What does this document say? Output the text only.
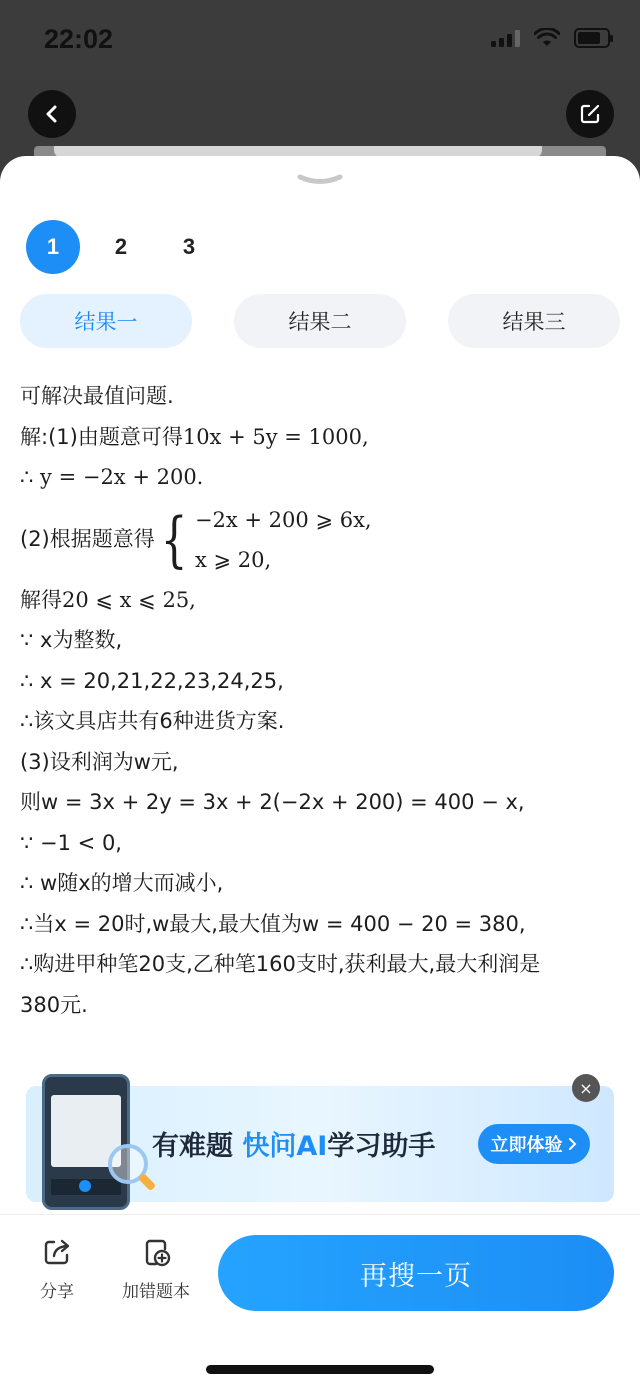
22:02
1	2	3
结果一	结果二	结果三

可解决最值问题.
解:(1)由题意可得10x + 5y = 1000,
∴ y = −2x + 200.
(2)根据题意得 { −2x + 200 ⩾ 6x,
x ⩾ 20,
解得20 ⩽ x ⩽ 25,
∵ x为整数,
∴ x = 20,21,22,23,24,25,
∴该文具店共有6种进货方案.
(3)设利润为w元,
则w = 3x + 2y = 3x + 2(−2x + 200) = 400 − x,
∵ −1 < 0,
∴ w随x的增大而减小,
∴当x = 20时,w最大,最大值为w = 400 − 20 = 380,
∴购进甲种笔20支,乙种笔160支时,获利最大,最大利润是
380元.
有难题 快问AI学习助手	立即体验
×
分享	加错题本
再搜一页
